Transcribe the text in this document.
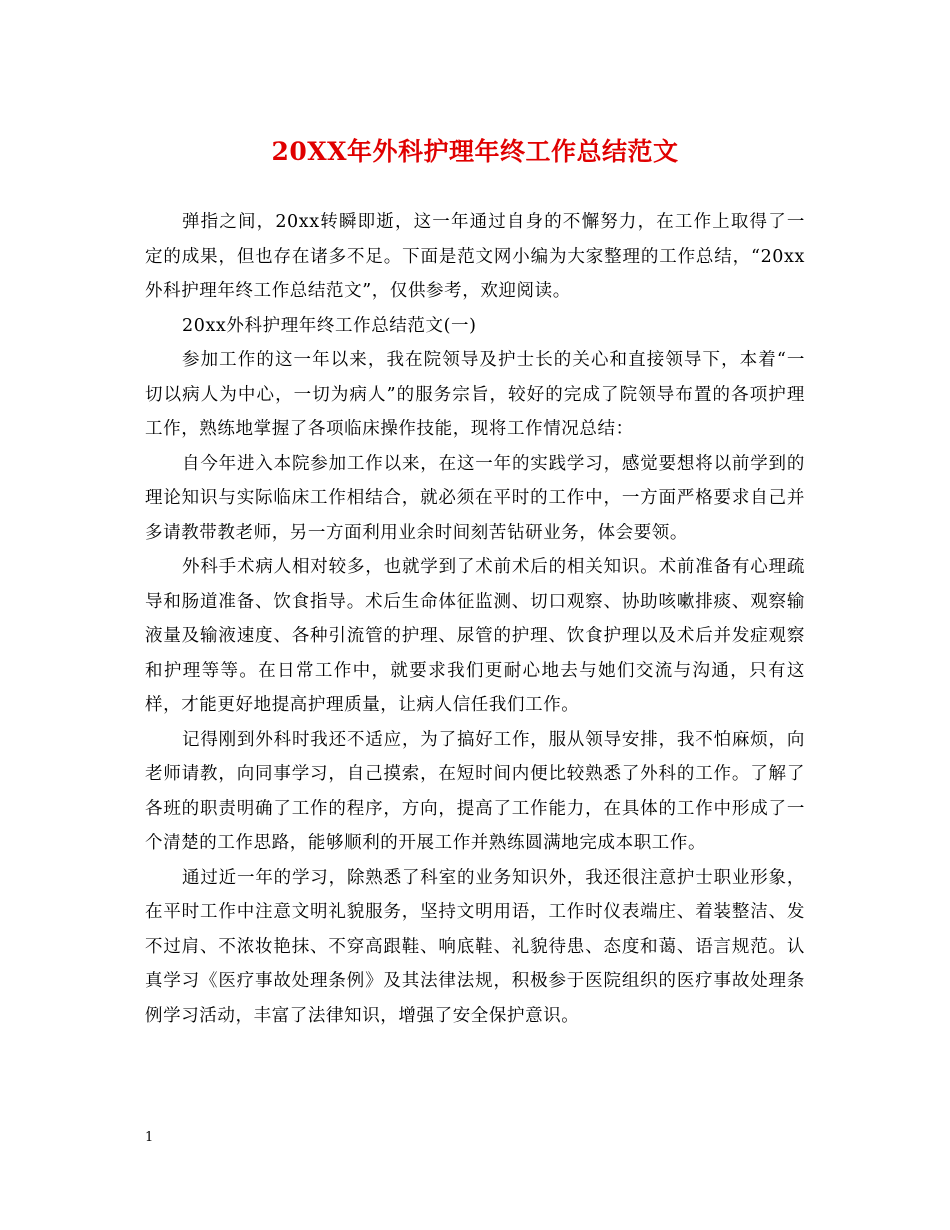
20XX年外科护理年终工作总结范文

弹指之间，20xx转瞬即逝，这一年通过自身的不懈努力，在工作上取得了一定的成果，但也存在诸多不足。下面是范文网小编为大家整理的工作总结，“20xx外科护理年终工作总结范文”，仅供参考，欢迎阅读。

20xx外科护理年终工作总结范文(一)

参加工作的这一年以来，我在院领导及护士长的关心和直接领导下，本着“一切以病人为中心，一切为病人”的服务宗旨，较好的完成了院领导布置的各项护理工作，熟练地掌握了各项临床操作技能，现将工作情况总结：

自今年进入本院参加工作以来，在这一年的实践学习，感觉要想将以前学到的理论知识与实际临床工作相结合，就必须在平时的工作中，一方面严格要求自己并多请教带教老师，另一方面利用业余时间刻苦钻研业务，体会要领。

外科手术病人相对较多，也就学到了术前术后的相关知识。术前准备有心理疏导和肠道准备、饮食指导。术后生命体征监测、切口观察、协助咳嗽排痰、观察输液量及输液速度、各种引流管的护理、尿管的护理、饮食护理以及术后并发症观察和护理等等。在日常工作中，就要求我们更耐心地去与她们交流与沟通，只有这样，才能更好地提高护理质量，让病人信任我们工作。

记得刚到外科时我还不适应，为了搞好工作，服从领导安排，我不怕麻烦，向老师请教，向同事学习，自己摸索，在短时间内便比较熟悉了外科的工作。了解了各班的职责明确了工作的程序，方向，提高了工作能力，在具体的工作中形成了一个清楚的工作思路，能够顺利的开展工作并熟练圆满地完成本职工作。

通过近一年的学习，除熟悉了科室的业务知识外，我还很注意护士职业形象，在平时工作中注意文明礼貌服务，坚持文明用语，工作时仪表端庄、着装整洁、发不过肩、不浓妆艳抹、不穿高跟鞋、响底鞋、礼貌待患、态度和蔼、语言规范。认真学习《医疗事故处理条例》及其法律法规，积极参于医院组织的医疗事故处理条例学习活动，丰富了法律知识，增强了安全保护意识。

1
